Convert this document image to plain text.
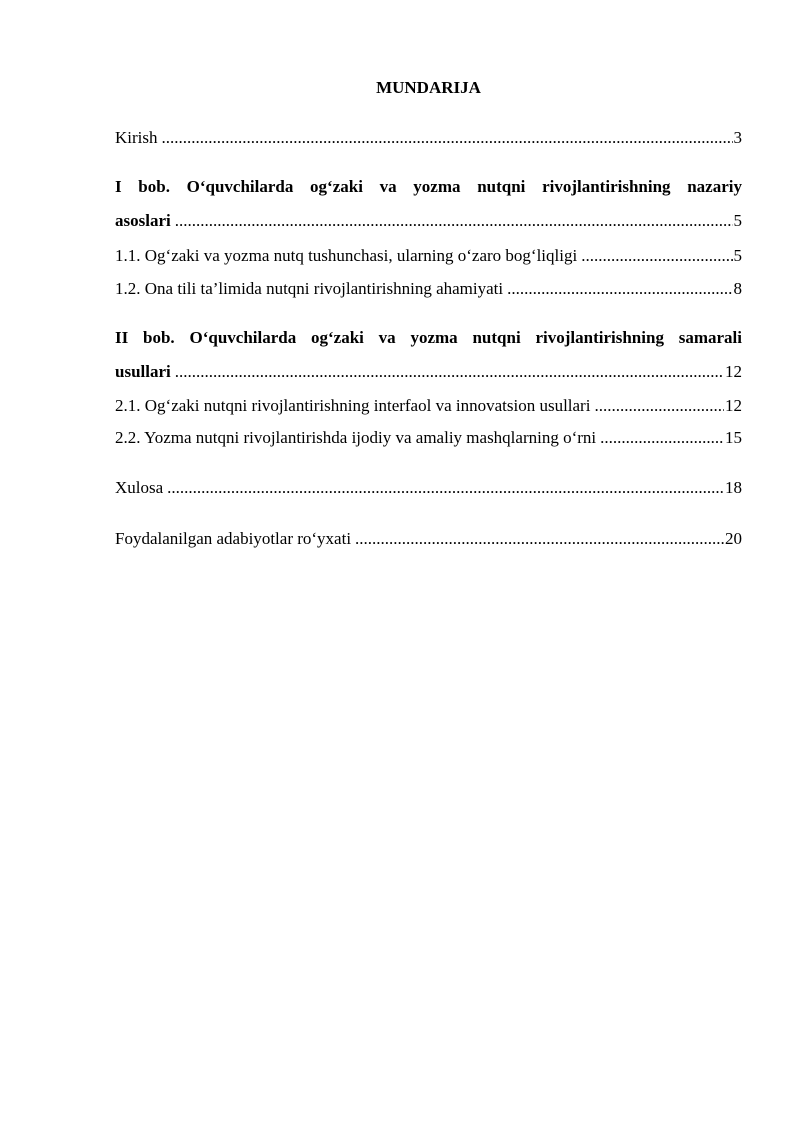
MUNDARIJA
Kirish .....	3
I bob. O‘quvchilarda og‘zaki va yozma nutqni rivojlantirishning nazariy
asoslari .....	5
1.1. Og‘zaki va yozma nutq tushunchasi, ularning o‘zaro bog‘liqligi .....	5
1.2. Ona tili ta’limida nutqni rivojlantirishning ahamiyati .....	8
II bob. O‘quvchilarda og‘zaki va yozma nutqni rivojlantirishning samarali
usullari .....	12
2.1. Og‘zaki nutqni rivojlantirishning interfaol va innovatsion usullari .....	12
2.2. Yozma nutqni rivojlantirishda ijodiy va amaliy mashqlarning o‘rni .....	15
Xulosa .....	18
Foydalanilgan adabiyotlar ro‘yxati .....	20
